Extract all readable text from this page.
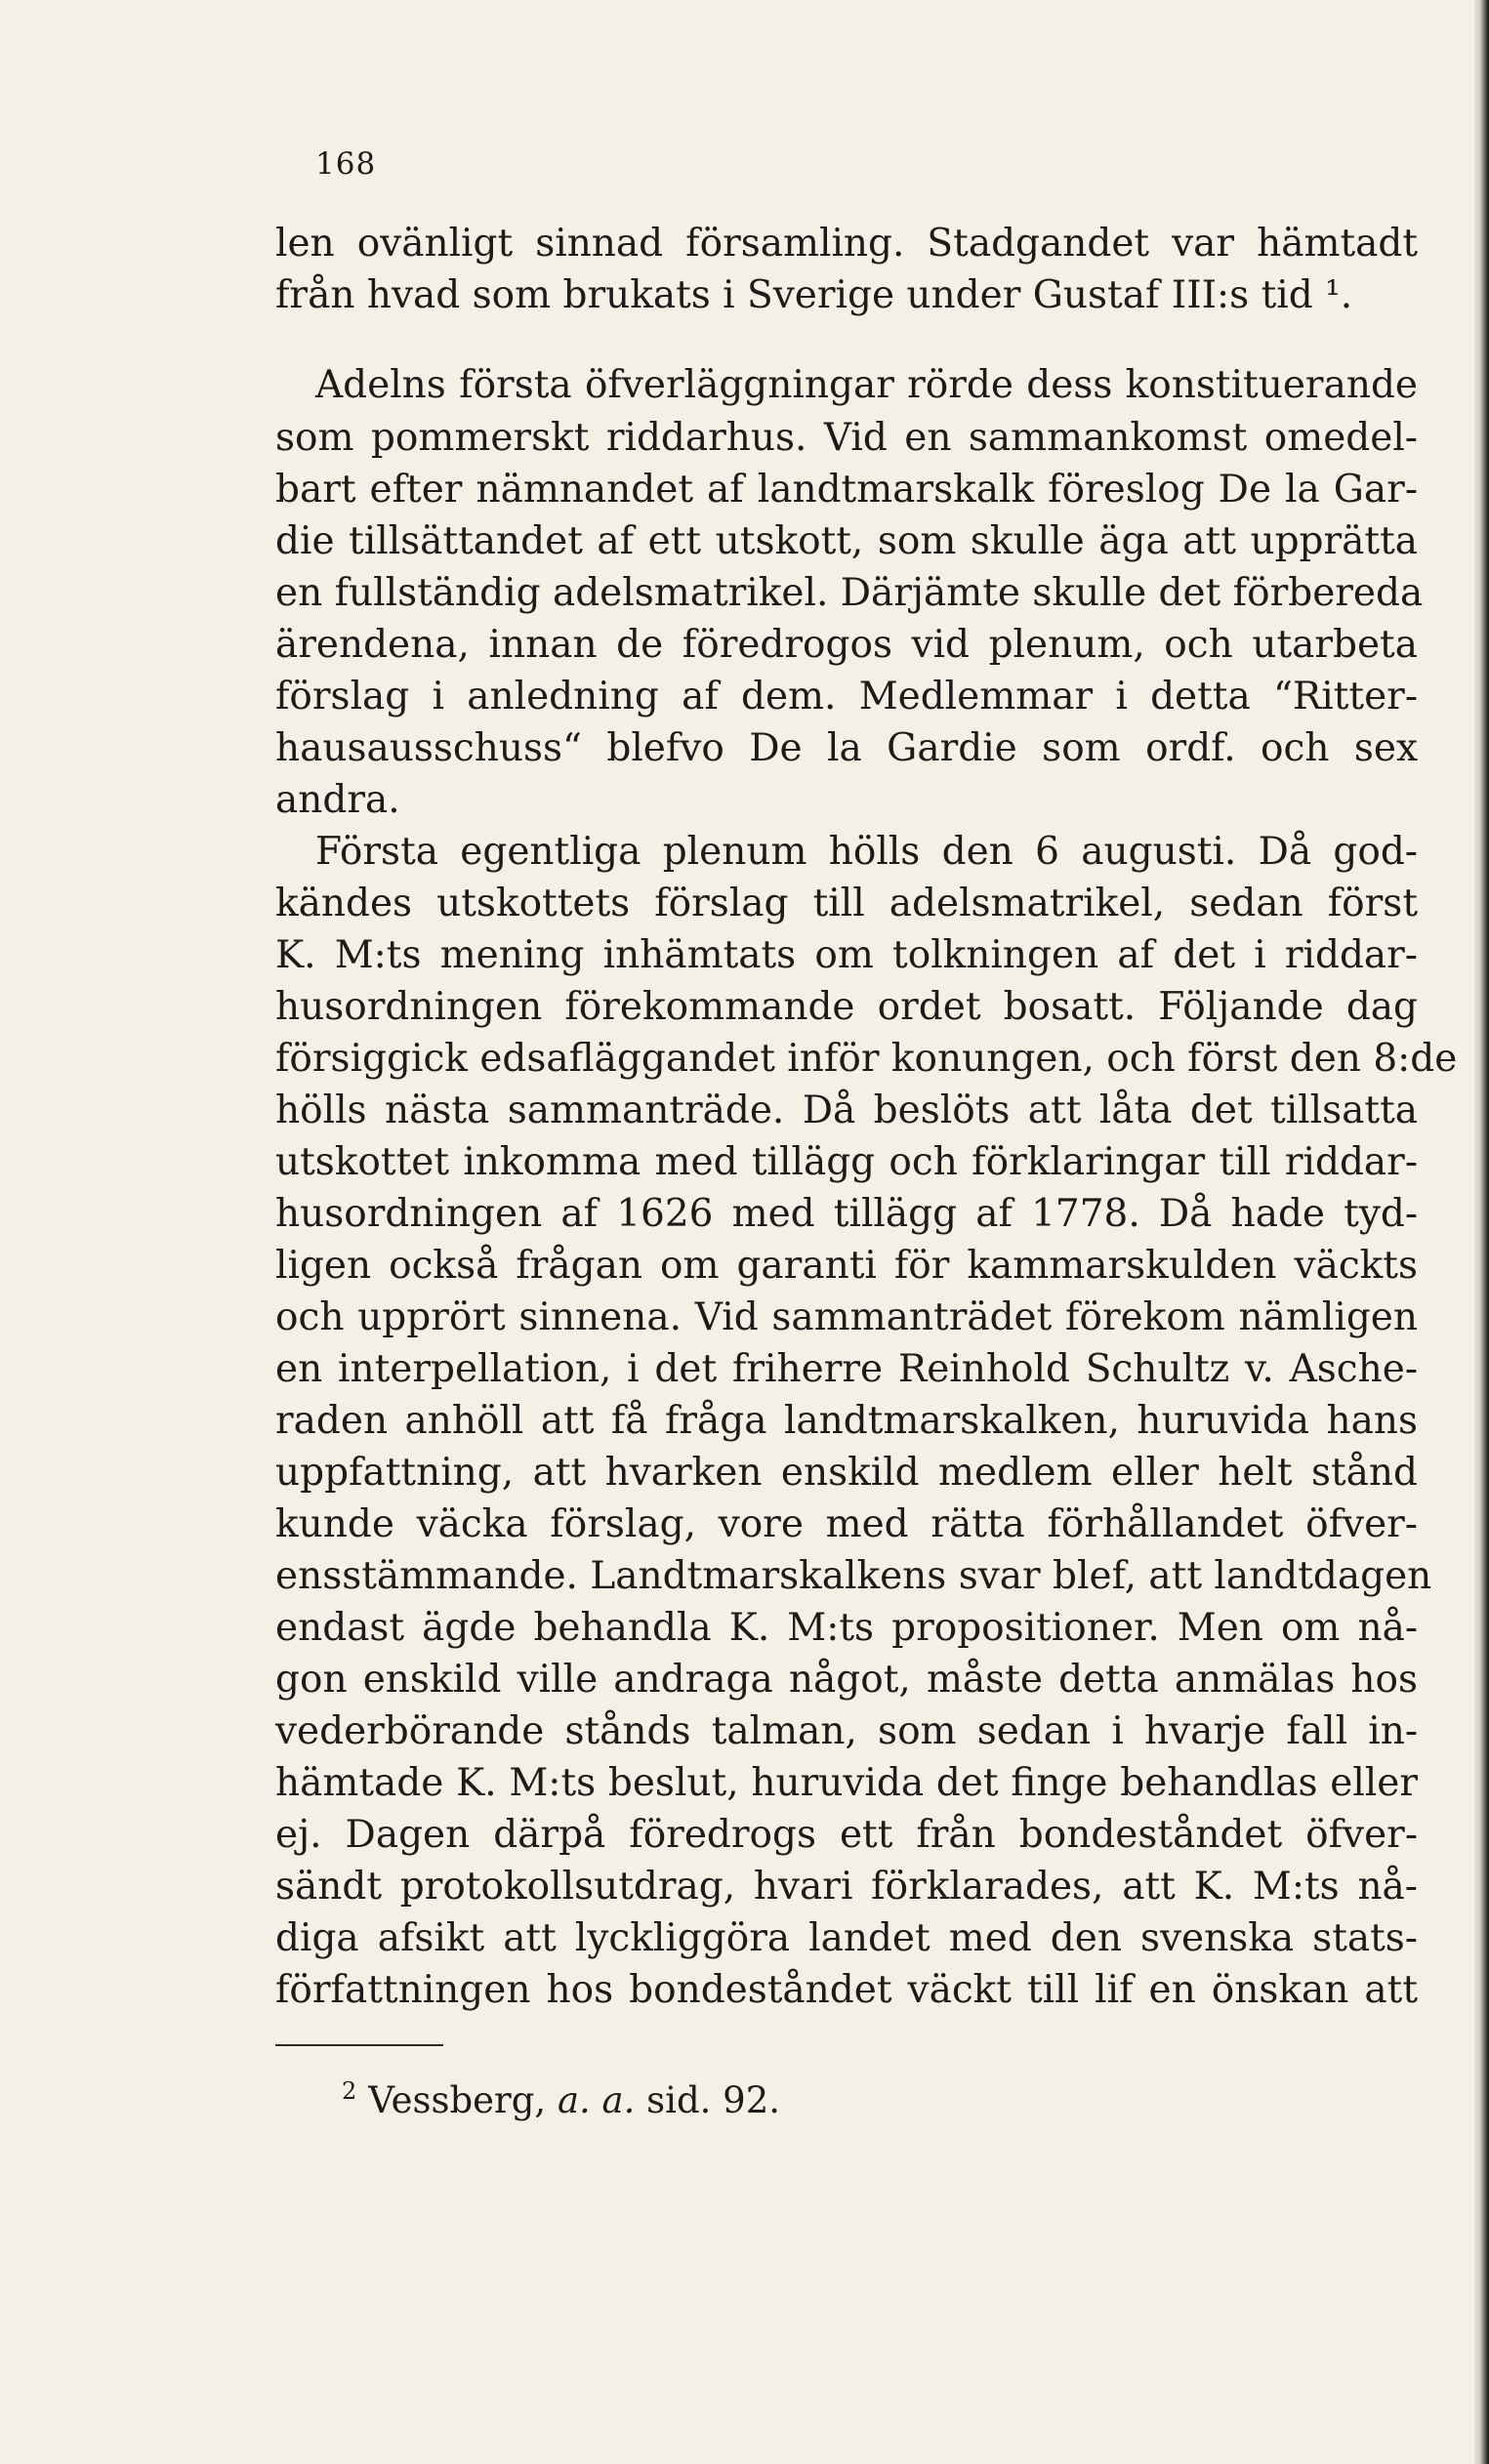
168
len ovänligt sinnad församling. Stadgandet var hämtadt
från hvad som brukats i Sverige under Gustaf III:s tid ¹.
Adelns första öfverläggningar rörde dess konstituerande
som pommerskt riddarhus. Vid en sammankomst omedel-
bart efter nämnandet af landtmarskalk föreslog De la Gar-
die tillsättandet af ett utskott, som skulle äga att upprätta
en fullständig adelsmatrikel. Därjämte skulle det förbereda
ärendena, innan de föredrogos vid plenum, och utarbeta
förslag i anledning af dem. Medlemmar i detta “Ritter-
hausausschuss“ blefvo De la Gardie som ordf. och sex
andra.
Första egentliga plenum hölls den 6 augusti. Då god-
kändes utskottets förslag till adelsmatrikel, sedan först
K. M:ts mening inhämtats om tolkningen af det i riddar-
husordningen förekommande ordet bosatt. Följande dag
försiggick edsafläggandet inför konungen, och först den 8:de
hölls nästa sammanträde. Då beslöts att låta det tillsatta
utskottet inkomma med tillägg och förklaringar till riddar-
husordningen af 1626 med tillägg af 1778. Då hade tyd-
ligen också frågan om garanti för kammarskulden väckts
och upprört sinnena. Vid sammanträdet förekom nämligen
en interpellation, i det friherre Reinhold Schultz v. Asche-
raden anhöll att få fråga landtmarskalken, huruvida hans
uppfattning, att hvarken enskild medlem eller helt stånd
kunde väcka förslag, vore med rätta förhållandet öfver-
ensstämmande. Landtmarskalkens svar blef, att landtdagen
endast ägde behandla K. M:ts propositioner. Men om nå-
gon enskild ville andraga något, måste detta anmälas hos
vederbörande stånds talman, som sedan i hvarje fall in-
hämtade K. M:ts beslut, huruvida det finge behandlas eller
ej. Dagen därpå föredrogs ett från bondeståndet öfver-
sändt protokollsutdrag, hvari förklarades, att K. M:ts nå-
diga afsikt att lyckliggöra landet med den svenska stats-
författningen hos bondeståndet väckt till lif en önskan att
$^2$ Vessberg, a. a. sid. 92.
